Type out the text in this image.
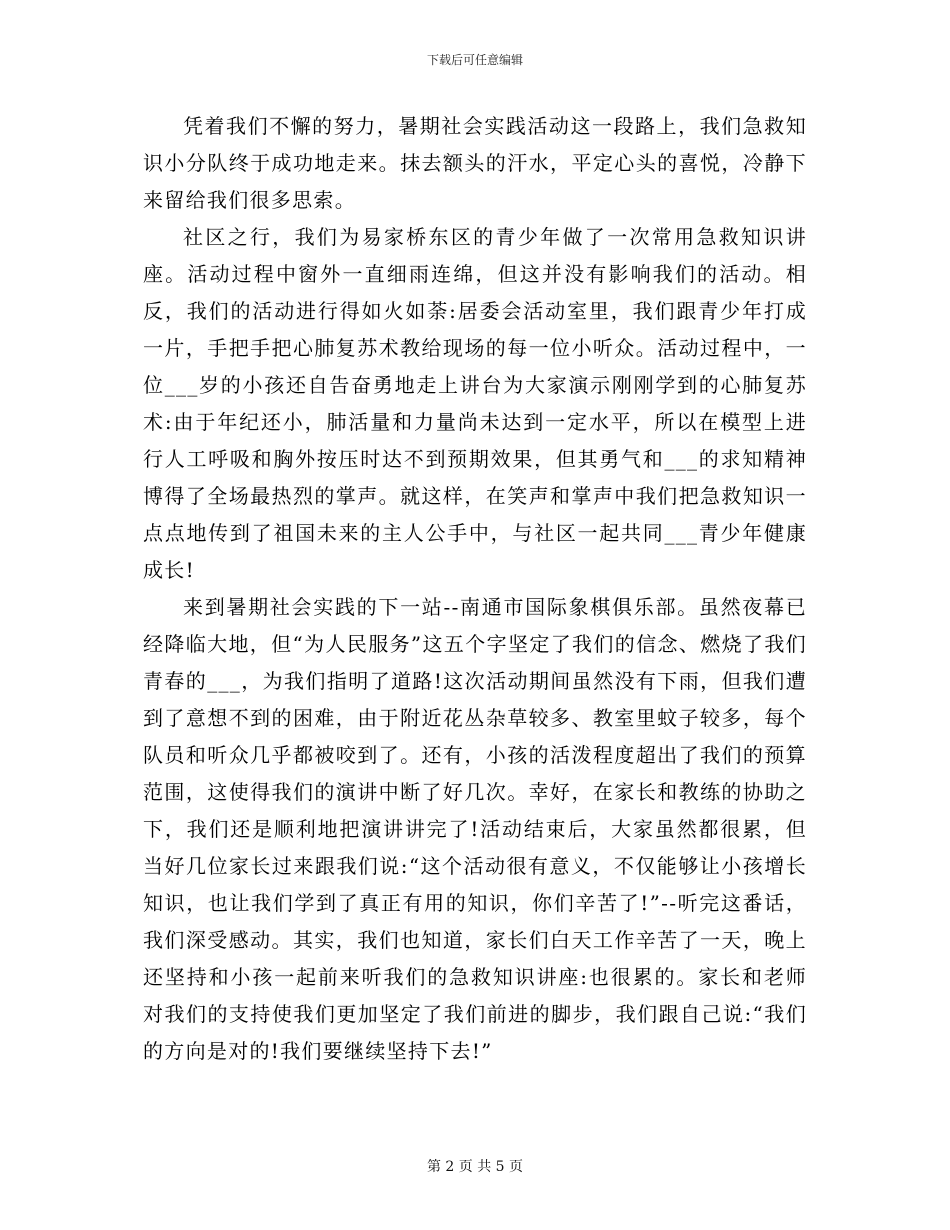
下载后可任意编辑

凭着我们不懈的努力，暑期社会实践活动这一段路上，我们急救知识小分队终于成功地走来。抹去额头的汗水，平定心头的喜悦，冷静下来留给我们很多思索。

社区之行，我们为易家桥东区的青少年做了一次常用急救知识讲座。活动过程中窗外一直细雨连绵，但这并没有影响我们的活动。相反，我们的活动进行得如火如荼:居委会活动室里，我们跟青少年打成一片，手把手把心肺复苏术教给现场的每一位小听众。活动过程中，一位___岁的小孩还自告奋勇地走上讲台为大家演示刚刚学到的心肺复苏术:由于年纪还小，肺活量和力量尚未达到一定水平，所以在模型上进行人工呼吸和胸外按压时达不到预期效果，但其勇气和___的求知精神博得了全场最热烈的掌声。就这样，在笑声和掌声中我们把急救知识一点点地传到了祖国未来的主人公手中，与社区一起共同___青少年健康成长!

来到暑期社会实践的下一站--南通市国际象棋俱乐部。虽然夜幕已经降临大地，但“为人民服务”这五个字坚定了我们的信念、燃烧了我们青春的___，为我们指明了道路!这次活动期间虽然没有下雨，但我们遭到了意想不到的困难，由于附近花丛杂草较多、教室里蚊子较多，每个队员和听众几乎都被咬到了。还有，小孩的活泼程度超出了我们的预算范围，这使得我们的演讲中断了好几次。幸好，在家长和教练的协助之下，我们还是顺利地把演讲讲完了!活动结束后，大家虽然都很累，但当好几位家长过来跟我们说:“这个活动很有意义，不仅能够让小孩增长知识，也让我们学到了真正有用的知识，你们辛苦了!”--听完这番话，我们深受感动。其实，我们也知道，家长们白天工作辛苦了一天，晚上还坚持和小孩一起前来听我们的急救知识讲座:也很累的。家长和老师对我们的支持使我们更加坚定了我们前进的脚步，我们跟自己说:“我们的方向是对的!我们要继续坚持下去!”

第 2 页 共 5 页
